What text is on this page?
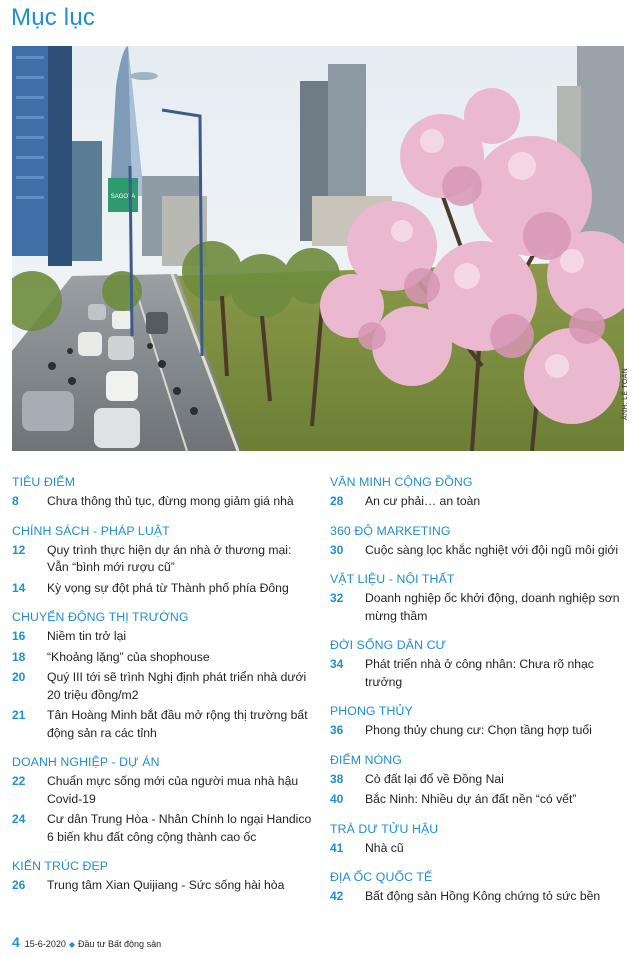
Mục lục
SAGOTA
ẢNH: LÊ TOÀN
TIÊU ĐIỂM
8	Chưa thông thủ tục, đừng mong giảm giá nhà
CHÍNH SÁCH - PHÁP LUẬT
12	Quy trình thực hiện dự án nhà ở thương mại: Vẫn “bình mới rượu cũ”
14	Kỳ vọng sự đột phá từ Thành phố phía Đông
CHUYỂN ĐỘNG THỊ TRƯỜNG
16	Niềm tin trở lại
18	“Khoảng lặng” của shophouse
20	Quý III tới sẽ trình Nghị định phát triển nhà dưới 20 triệu đồng/m2
21	Tân Hoàng Minh bắt đầu mở rộng thị trường bất động sản ra các tỉnh
DOANH NGHIỆP - DỰ ÁN
22	Chuẩn mực sống mới của người mua nhà hậu Covid-19
24	Cư dân Trung Hòa - Nhân Chính lo ngại Handico 6 biến khu đất công cộng thành cao ốc
KIẾN TRÚC ĐẸP
26	Trung tâm Xian Quijiang - Sức sống hài hòa
VĂN MINH CỘNG ĐỒNG
28	An cư phải… an toàn
360 ĐỘ MARKETING
30	Cuộc sàng lọc khắc nghiệt với đội ngũ môi giới
VẬT LIỆU - NỘI THẤT
32	Doanh nghiệp ốc khởi động, doanh nghiệp sơn mừng thầm
ĐỜI SỐNG DÂN CƯ
34	Phát triển nhà ở công nhân: Chưa rõ nhạc trưởng
PHONG THỦY
36	Phong thủy chung cư: Chọn tầng hợp tuổi
ĐIỂM NÓNG
38	Cò đất lại đổ về Đồng Nai
40	Bắc Ninh: Nhiều dự án đất nền “có vết”
TRÀ DƯ TỬU HẬU
41	Nhà cũ
ĐỊA ỐC QUỐC TẾ
42	Bất động sản Hồng Kông chứng tỏ sức bền
4 15-6-2020 ◆ Đầu tư Bất động sản
